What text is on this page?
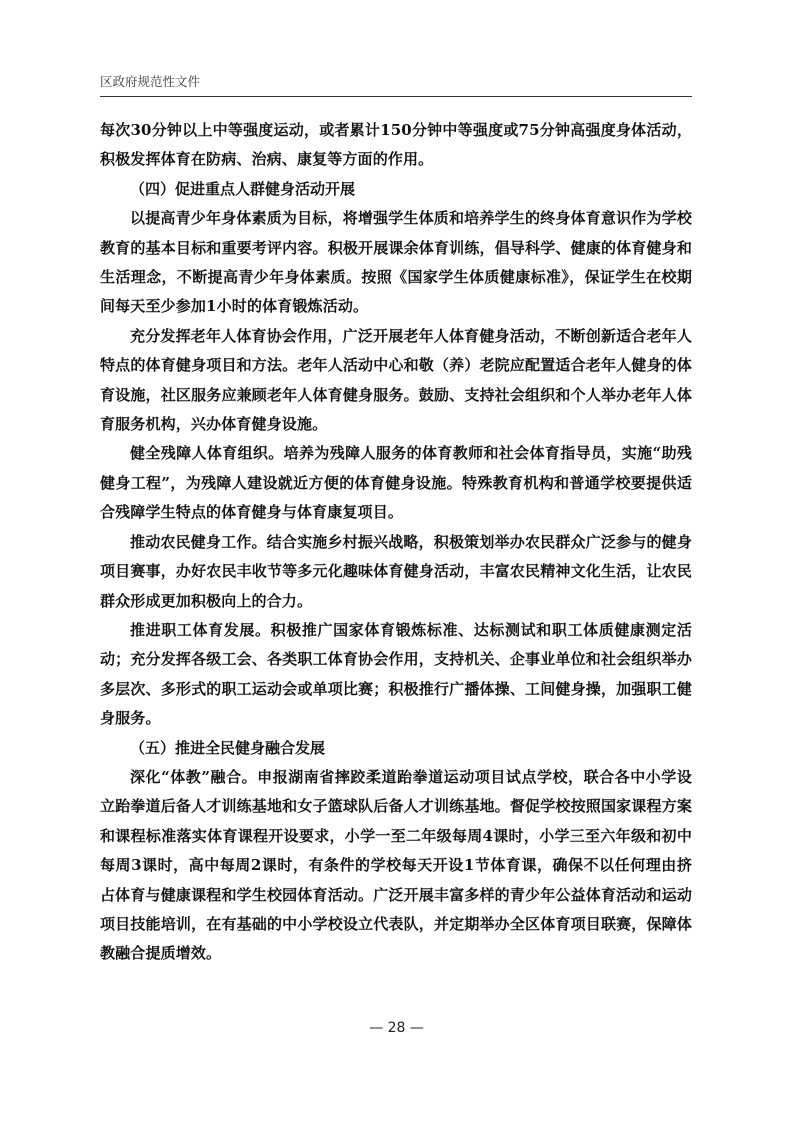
区政府规范性文件

每次30分钟以上中等强度运动，或者累计150分钟中等强度或75分钟高强度身体活动，积极发挥体育在防病、治病、康复等方面的作用。

（四）促进重点人群健身活动开展

以提高青少年身体素质为目标，将增强学生体质和培养学生的终身体育意识作为学校教育的基本目标和重要考评内容。积极开展课余体育训练，倡导科学、健康的体育健身和生活理念，不断提高青少年身体素质。按照《国家学生体质健康标准》，保证学生在校期间每天至少参加1小时的体育锻炼活动。

充分发挥老年人体育协会作用，广泛开展老年人体育健身活动，不断创新适合老年人特点的体育健身项目和方法。老年人活动中心和敬（养）老院应配置适合老年人健身的体育设施，社区服务应兼顾老年人体育健身服务。鼓励、支持社会组织和个人举办老年人体育服务机构，兴办体育健身设施。

健全残障人体育组织。培养为残障人服务的体育教师和社会体育指导员，实施“助残健身工程”，为残障人建设就近方便的体育健身设施。特殊教育机构和普通学校要提供适合残障学生特点的体育健身与体育康复项目。

推动农民健身工作。结合实施乡村振兴战略，积极策划举办农民群众广泛参与的健身项目赛事，办好农民丰收节等多元化趣味体育健身活动，丰富农民精神文化生活，让农民群众形成更加积极向上的合力。

推进职工体育发展。积极推广国家体育锻炼标准、达标测试和职工体质健康测定活动；充分发挥各级工会、各类职工体育协会作用，支持机关、企事业单位和社会组织举办多层次、多形式的职工运动会或单项比赛；积极推行广播体操、工间健身操，加强职工健身服务。

（五）推进全民健身融合发展

深化“体教”融合。申报湖南省摔跤柔道跆拳道运动项目试点学校，联合各中小学设立跆拳道后备人才训练基地和女子篮球队后备人才训练基地。督促学校按照国家课程方案和课程标准落实体育课程开设要求，小学一至二年级每周4课时，小学三至六年级和初中每周3课时，高中每周2课时，有条件的学校每天开设1节体育课，确保不以任何理由挤占体育与健康课程和学生校园体育活动。广泛开展丰富多样的青少年公益体育活动和运动项目技能培训，在有基础的中小学校设立代表队，并定期举办全区体育项目联赛，保障体教融合提质增效。

— 28 —
